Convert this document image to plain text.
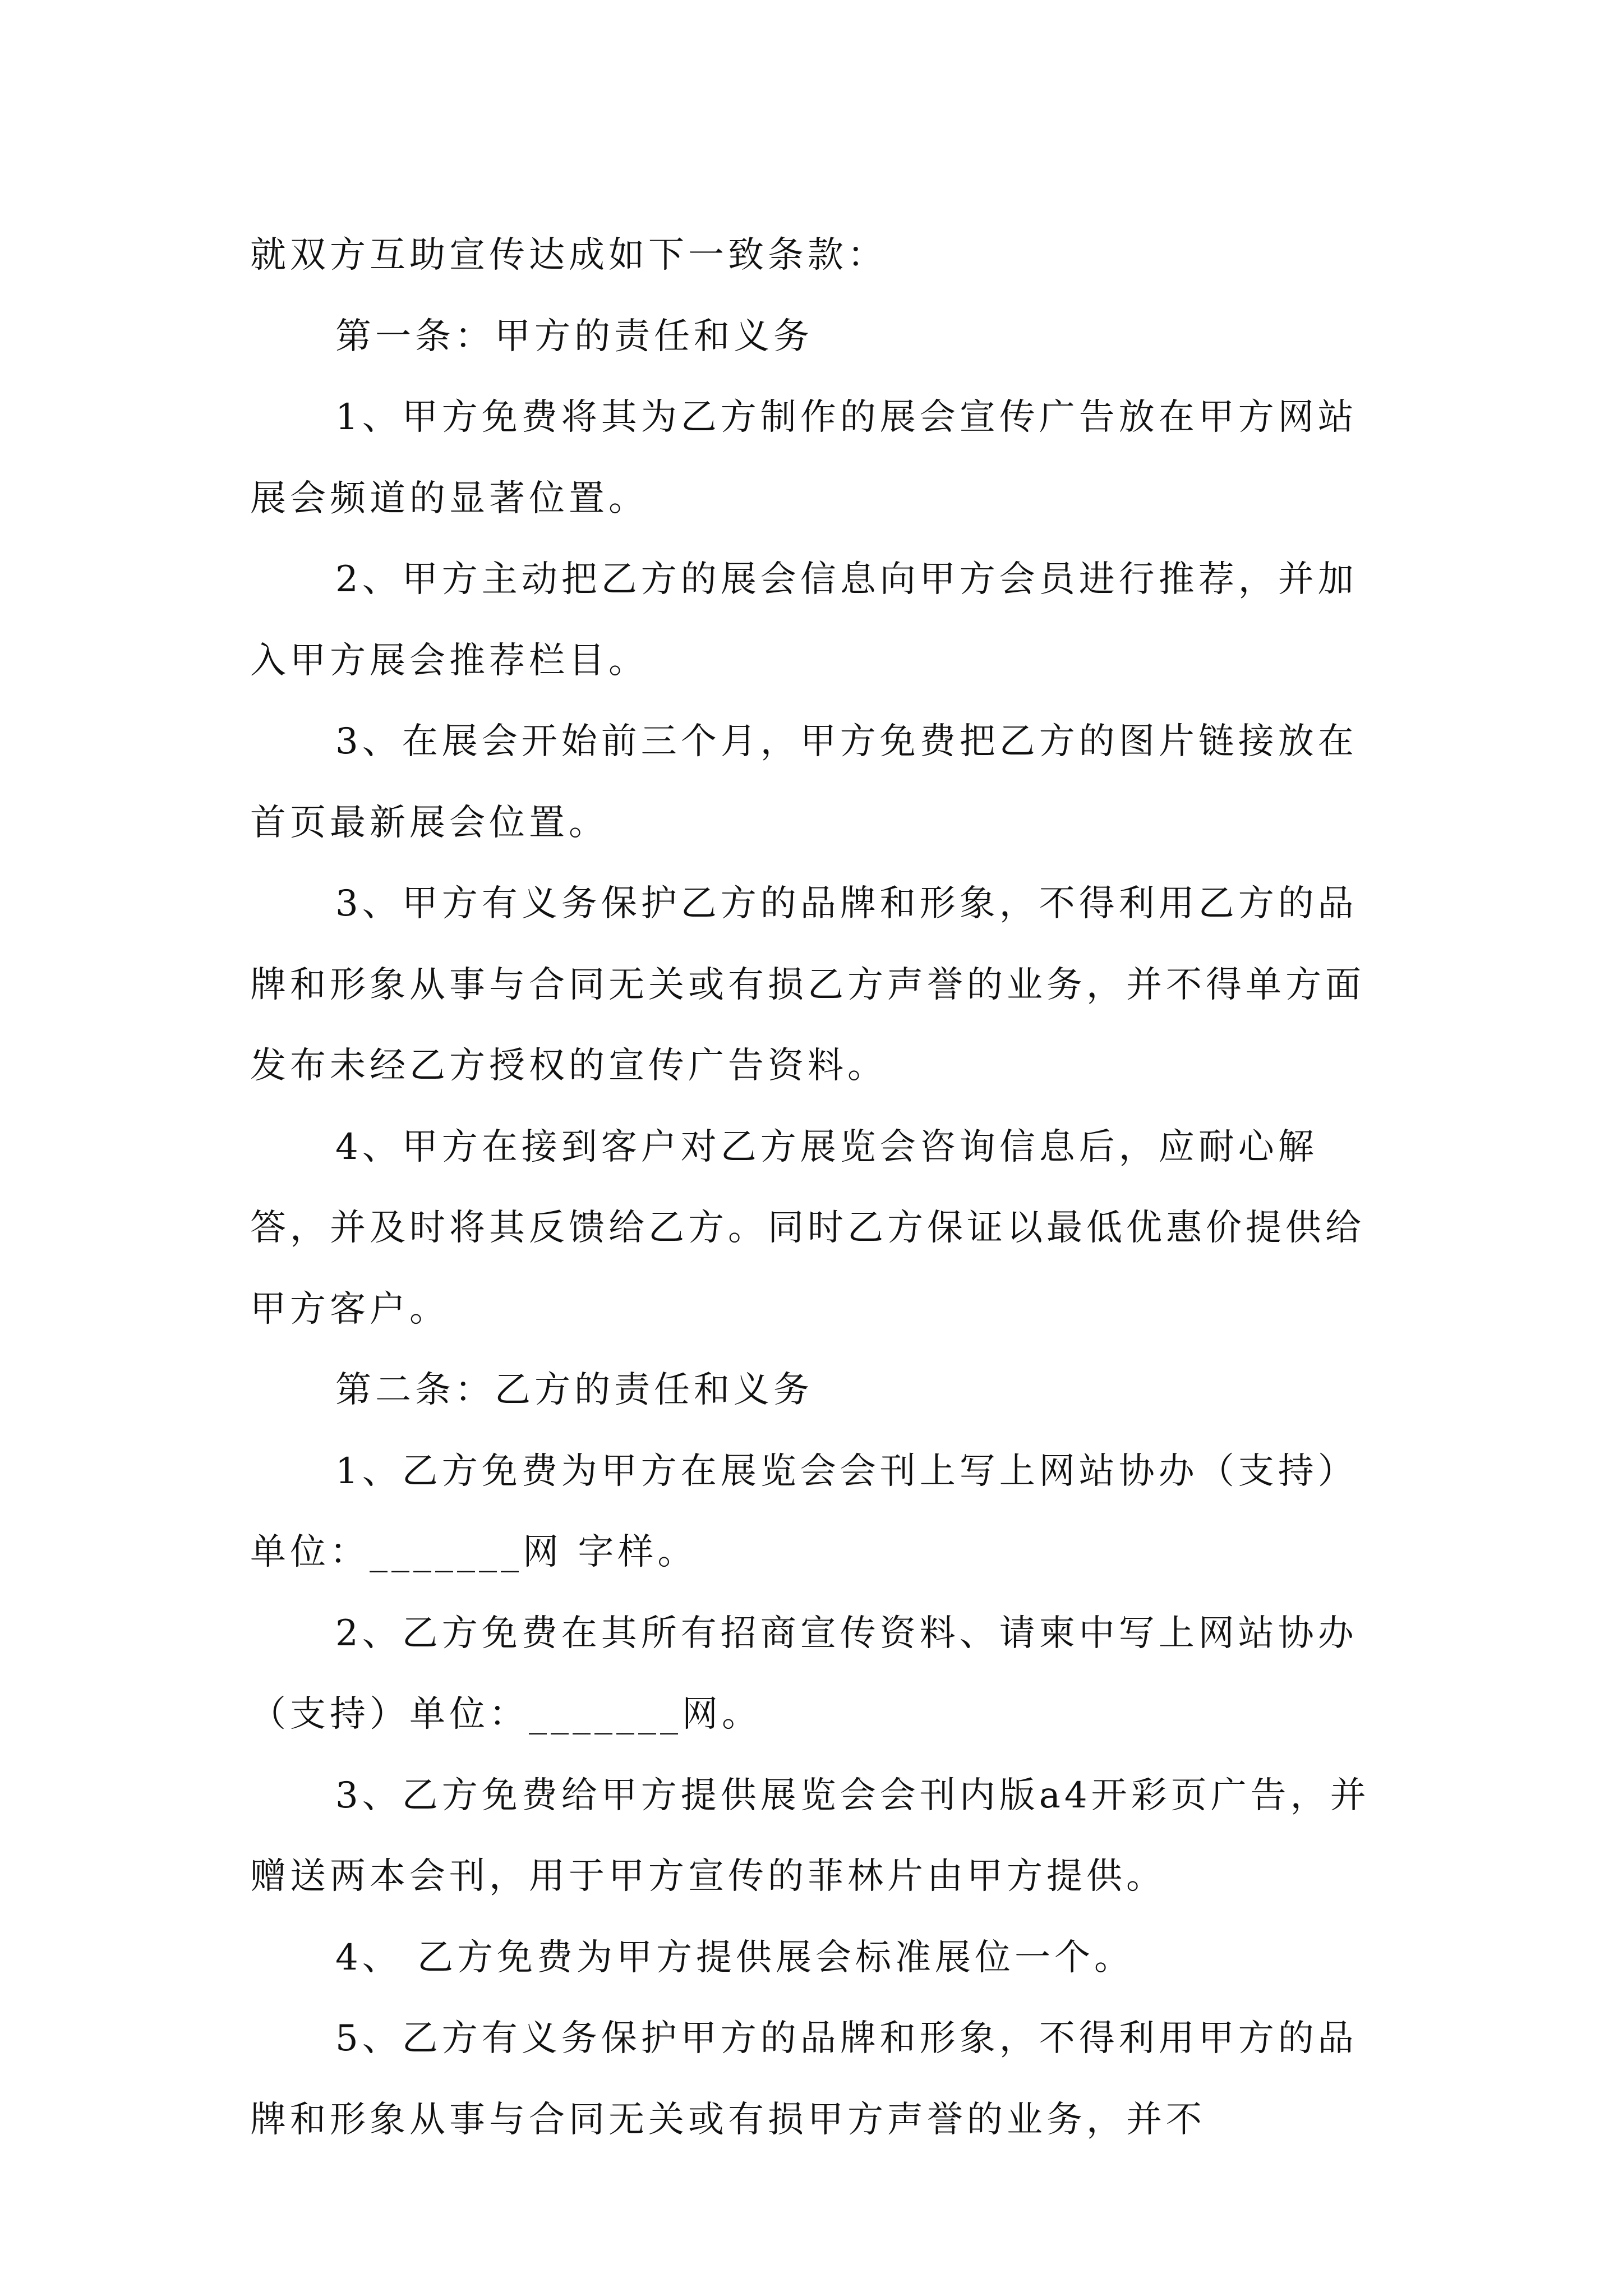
就双方互助宣传达成如下一致条款：

第一条：甲方的责任和义务

1、甲方免费将其为乙方制作的展会宣传广告放在甲方网站展会频道的显著位置。

2、甲方主动把乙方的展会信息向甲方会员进行推荐，并加入甲方展会推荐栏目。

3、在展会开始前三个月，甲方免费把乙方的图片链接放在首页最新展会位置。

3、甲方有义务保护乙方的品牌和形象，不得利用乙方的品牌和形象从事与合同无关或有损乙方声誉的业务，并不得单方面发布未经乙方授权的宣传广告资料。

4、甲方在接到客户对乙方展览会咨询信息后，应耐心解答，并及时将其反馈给乙方。同时乙方保证以最低优惠价提供给甲方客户。

第二条：乙方的责任和义务

1、乙方免费为甲方在展览会会刊上写上网站协办（支持）单位：_______网 字样。

2、乙方免费在其所有招商宣传资料、请柬中写上网站协办（支持）单位：_______网。

3、乙方免费给甲方提供展览会会刊内版a4开彩页广告，并赠送两本会刊，用于甲方宣传的菲林片由甲方提供。

4、 乙方免费为甲方提供展会标准展位一个。

5、乙方有义务保护甲方的品牌和形象，不得利用甲方的品牌和形象从事与合同无关或有损甲方声誉的业务，并不
